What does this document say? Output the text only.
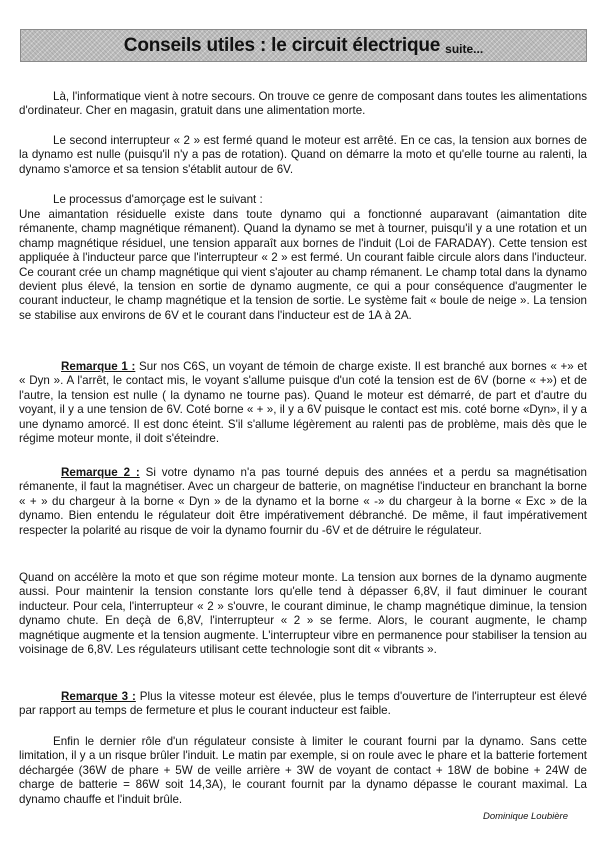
Conseils utiles : le circuit électrique suite...
Là, l'informatique vient à notre secours. On trouve ce genre de composant dans toutes les alimentations d'ordinateur. Cher en magasin, gratuit dans une alimentation morte.
Le second interrupteur « 2 » est fermé quand le moteur est arrêté. En ce cas, la tension aux bornes de la dynamo est nulle (puisqu'il n'y a pas de rotation). Quand on démarre la moto et qu'elle tourne au ralenti, la dynamo s'amorce et sa tension s'établit autour de 6V.
Le processus d'amorçage est le suivant :
Une aimantation résiduelle existe dans toute dynamo qui a fonctionné auparavant (aimantation dite rémanente, champ magnétique rémanent). Quand la dynamo se met à tourner, puisqu'il y a une rotation et un champ magnétique résiduel, une tension apparaît aux bornes de l'induit (Loi de FARADAY). Cette tension est appliquée à l'inducteur parce que l'interrupteur « 2 » est fermé. Un courant faible circule alors dans l'inducteur. Ce courant crée un champ magnétique qui vient s'ajouter au champ rémanent. Le champ total dans la dynamo devient plus élevé, la tension en sortie de dynamo augmente, ce qui a pour conséquence d'augmenter le courant inducteur, le champ magnétique et la tension de sortie. Le système fait « boule de neige ». La tension se stabilise aux environs de 6V et le courant dans l'inducteur est de 1A à 2A.
Remarque 1 : Sur nos C6S, un voyant de témoin de charge existe. Il est branché aux bornes « +» et « Dyn ». A l'arrêt, le contact mis, le voyant s'allume puisque d'un coté la tension est de 6V (borne « +») et de l'autre, la tension est nulle ( la dynamo ne tourne pas). Quand le moteur est démarré, de part et d'autre du voyant, il y a une tension de 6V. Coté borne « + », il y a 6V puisque le contact est mis. coté borne «Dyn», il y a une dynamo amorcé. Il est donc éteint. S'il s'allume légèrement au ralenti pas de problème, mais dès que le régime moteur monte, il doit s'éteindre.
Remarque 2 : Si votre dynamo n'a pas tourné depuis des années et a perdu sa magnétisation rémanente, il faut la magnétiser. Avec un chargeur de batterie, on magnétise l'inducteur en branchant la borne « + » du chargeur à la borne « Dyn » de la dynamo et la borne « -» du chargeur à la borne « Exc » de la dynamo. Bien entendu le régulateur doit être impérativement débranché. De même, il faut impérativement respecter la polarité au risque de voir la dynamo fournir du -6V et de détruire le régulateur.
Quand on accélère la moto et que son régime moteur monte. La tension aux bornes de la dynamo augmente aussi. Pour maintenir la tension constante lors qu'elle tend à dépasser 6,8V, il faut diminuer le courant inducteur. Pour cela, l'interrupteur « 2 » s'ouvre, le courant diminue, le champ magnétique diminue, la tension dynamo chute. En deçà de 6,8V, l'interrupteur « 2 » se ferme. Alors, le courant augmente, le champ magnétique augmente et la tension augmente. L'interrupteur vibre en permanence pour stabiliser la tension au voisinage de 6,8V. Les régulateurs utilisant cette technologie sont dit « vibrants ».
Remarque 3 : Plus la vitesse moteur est élevée, plus le temps d'ouverture de l'interrupteur est élevé par rapport au temps de fermeture et plus le courant inducteur est faible.
Enfin le dernier rôle d'un régulateur consiste à limiter le courant fourni par la dynamo. Sans cette limitation, il y a un risque brûler l'induit. Le matin par exemple, si on roule avec le phare et la batterie fortement déchargée (36W de phare + 5W de veille arrière + 3W de voyant de contact + 18W de bobine + 24W de charge de batterie = 86W soit 14,3A), le courant fournit par la dynamo dépasse le courant maximal. La dynamo chauffe et l'induit brûle.
Dominique Loubière
